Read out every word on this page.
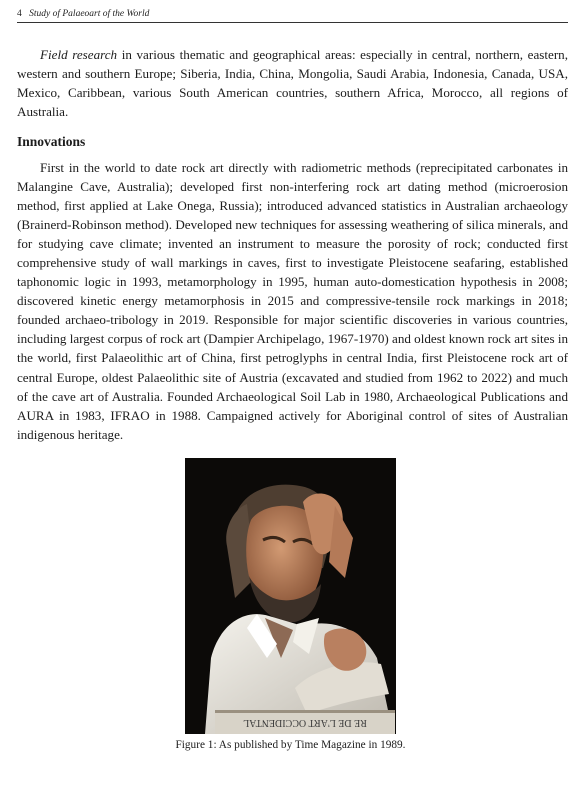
4 Study of Palaeoart of the World

Field research in various thematic and geographical areas: especially in central, northern, eastern, western and southern Europe; Siberia, India, China, Mongolia, Saudi Arabia, Indonesia, Canada, USA, Mexico, Caribbean, various South American countries, southern Africa, Morocco, all regions of Australia.

Innovations

First in the world to date rock art directly with radiometric methods (reprecipitated carbonates in Malangine Cave, Australia); developed first non-interfering rock art dating method (microerosion method, first applied at Lake Onega, Russia); introduced advanced statistics in Australian archaeology (Brainerd-Robinson method). Developed new techniques for assessing weathering of silica minerals, and for studying cave climate; invented an instrument to measure the porosity of rock; conducted first comprehensive study of wall markings in caves, first to investigate Pleistocene seafaring, established taphonomic logic in 1993, metamorphology in 1995, human auto-domestication hypothesis in 2008; discovered kinetic energy metamorphosis in 2015 and compressive-tensile rock markings in 2018; founded archaeo-tribology in 2019. Responsible for major scientific discoveries in various countries, including largest corpus of rock art (Dampier Archipelago, 1967-1970) and oldest known rock art sites in the world, first Palaeolithic art of China, first petroglyphs in central India, first Pleistocene rock art of central Europe, oldest Palaeolithic site of Austria (excavated and studied from 1962 to 2022) and much of the cave art of Australia. Founded Archaeological Soil Lab in 1980, Archaeological Publications and AURA in 1983, IFRAO in 1988. Campaigned actively for Aboriginal control of sites of Australian indigenous heritage.

RE DE L'ART OCCIDENTAL
Figure 1: As published by Time Magazine in 1989.
